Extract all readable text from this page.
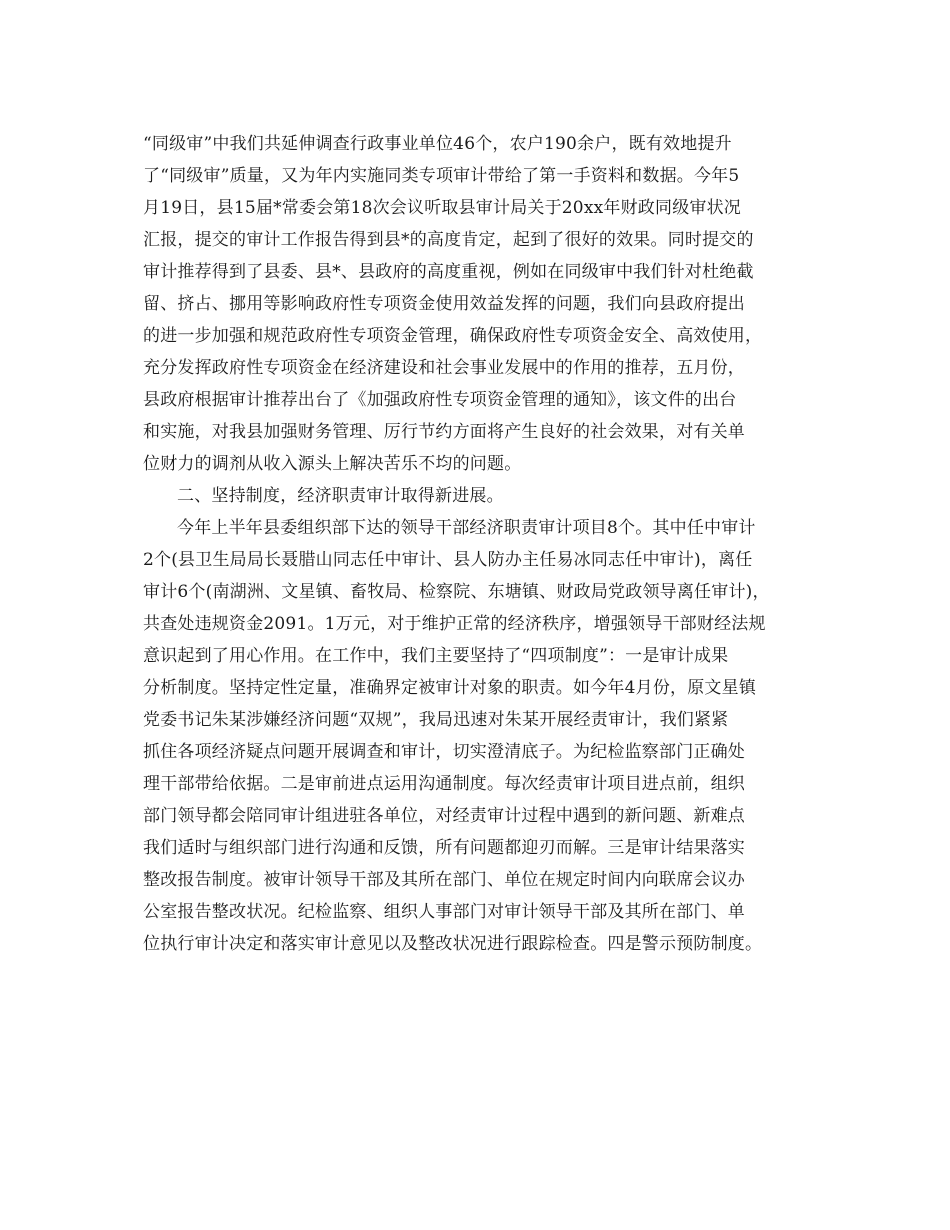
“同级审”中我们共延伸调查行政事业单位46个，农户190余户，既有效地提升
了“同级审”质量，又为年内实施同类专项审计带给了第一手资料和数据。今年5
月19日，县15届*常委会第18次会议听取县审计局关于20xx年财政同级审状况
汇报，提交的审计工作报告得到县*的高度肯定，起到了很好的效果。同时提交的
审计推荐得到了县委、县*、县政府的高度重视，例如在同级审中我们针对杜绝截
留、挤占、挪用等影响政府性专项资金使用效益发挥的问题，我们向县政府提出
的进一步加强和规范政府性专项资金管理，确保政府性专项资金安全、高效使用，
充分发挥政府性专项资金在经济建设和社会事业发展中的作用的推荐，五月份，
县政府根据审计推荐出台了《加强政府性专项资金管理的通知》，该文件的出台
和实施，对我县加强财务管理、厉行节约方面将产生良好的社会效果，对有关单
位财力的调剂从收入源头上解决苦乐不均的问题。
二、坚持制度，经济职责审计取得新进展。
今年上半年县委组织部下达的领导干部经济职责审计项目8个。其中任中审计
2个(县卫生局局长聂腊山同志任中审计、县人防办主任易冰同志任中审计)，离任
审计6个(南湖洲、文星镇、畜牧局、检察院、东塘镇、财政局党政领导离任审计)，
共查处违规资金2091。1万元，对于维护正常的经济秩序，增强领导干部财经法规
意识起到了用心作用。在工作中，我们主要坚持了“四项制度”：一是审计成果
分析制度。坚持定性定量，准确界定被审计对象的职责。如今年4月份，原文星镇
党委书记朱某涉嫌经济问题“双规”，我局迅速对朱某开展经责审计，我们紧紧
抓住各项经济疑点问题开展调查和审计，切实澄清底子。为纪检监察部门正确处
理干部带给依据。二是审前进点运用沟通制度。每次经责审计项目进点前，组织
部门领导都会陪同审计组进驻各单位，对经责审计过程中遇到的新问题、新难点
我们适时与组织部门进行沟通和反馈，所有问题都迎刃而解。三是审计结果落实
整改报告制度。被审计领导干部及其所在部门、单位在规定时间内向联席会议办
公室报告整改状况。纪检监察、组织人事部门对审计领导干部及其所在部门、单
位执行审计决定和落实审计意见以及整改状况进行跟踪检查。四是警示预防制度。
